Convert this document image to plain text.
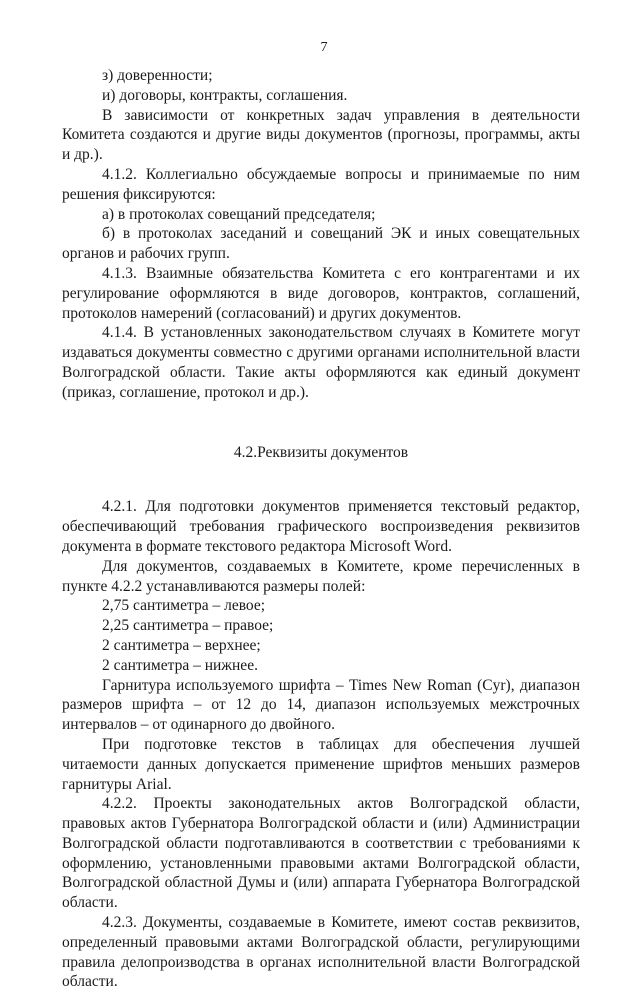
7

з) доверенности;

и) договоры, контракты, соглашения.

В зависимости от конкретных задач управления в деятельности Комитета создаются и другие виды документов (прогнозы, программы, акты и др.).

4.1.2. Коллегиально обсуждаемые вопросы и принимаемые по ним решения фиксируются:

а) в протоколах совещаний председателя;

б) в протоколах заседаний и совещаний ЭК и иных совещательных органов и рабочих групп.

4.1.3. Взаимные обязательства Комитета с его контрагентами и их регулирование оформляются в виде договоров, контрактов, соглашений, протоколов намерений (согласований) и других документов.

4.1.4. В установленных законодательством случаях в Комитете могут издаваться документы совместно с другими органами исполнительной власти Волгоградской области. Такие акты оформляются как единый документ (приказ, соглашение, протокол и др.).

4.2.Реквизиты документов

4.2.1. Для подготовки документов применяется текстовый редактор, обеспечивающий требования графического воспроизведения реквизитов документа в формате текстового редактора Microsoft Word.

Для документов, создаваемых в Комитете, кроме перечисленных в пункте 4.2.2 устанавливаются размеры полей:

2,75 сантиметра – левое;

2,25 сантиметра – правое;

2 сантиметра – верхнее;

2 сантиметра – нижнее.

Гарнитура используемого шрифта – Times New Roman (Cyr), диапазон размеров шрифта – от 12 до 14, диапазон используемых межстрочных интервалов – от одинарного до двойного.

При подготовке текстов в таблицах для обеспечения лучшей читаемости данных допускается применение шрифтов меньших размеров гарнитуры Arial.

4.2.2. Проекты законодательных актов Волгоградской области, правовых актов Губернатора Волгоградской области и (или) Администрации Волгоградской области подготавливаются в соответствии с требованиями к оформлению, установленными правовыми актами Волгоградской области, Волгоградской областной Думы и (или) аппарата Губернатора Волгоградской области.

4.2.3. Документы, создаваемые в Комитете, имеют состав реквизитов, определенный правовыми актами Волгоградской области, регулирующими правила делопроизводства в органах исполнительной власти Волгоградской области.
